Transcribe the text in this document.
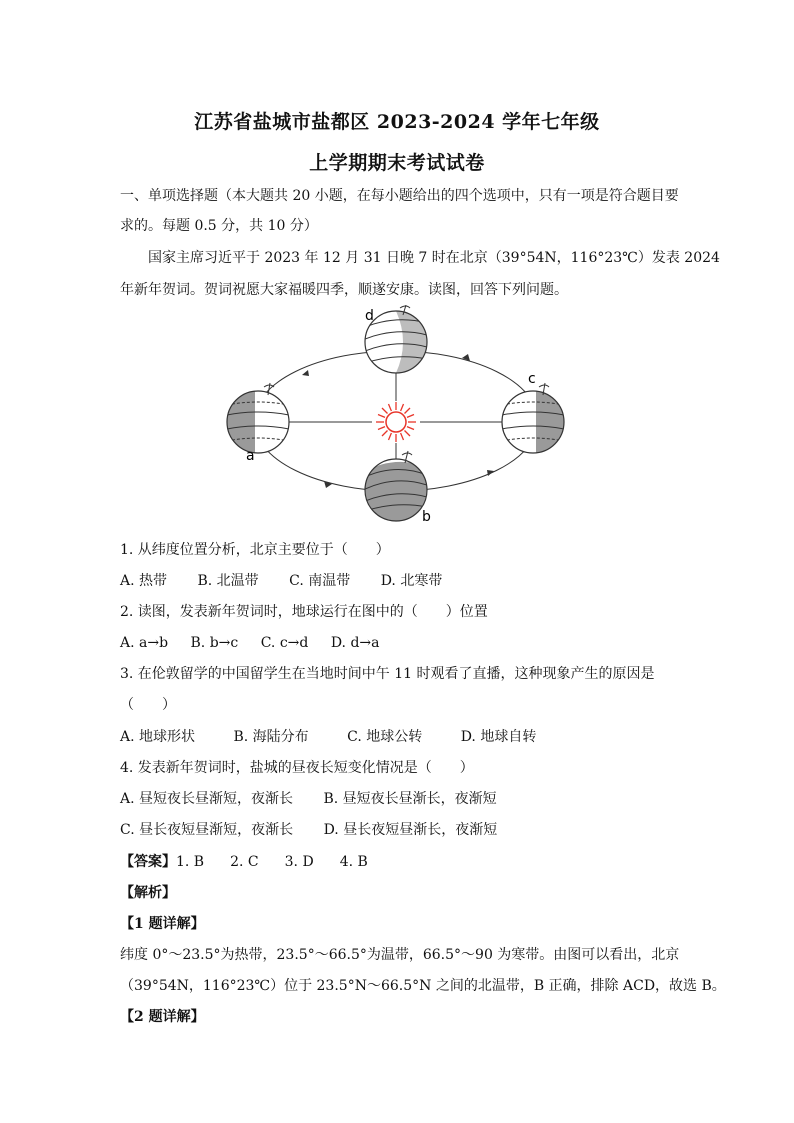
江苏省盐城市盐都区 2023-2024 学年七年级
上学期期末考试试卷
一、单项选择题（本大题共 20 小题，在每小题给出的四个选项中，只有一项是符合题目要
求的。每题 0.5 分，共 10 分）
国家主席习近平于 2023 年 12 月 31 日晚 7 时在北京（39°54N，116°23℃）发表 2024
年新年贺词。贺词祝愿大家福暖四季，顺遂安康。读图，回答下列问题。
a
b
c
d
1. 从纬度位置分析，北京主要位于（　　）
A. 热带 B. 北温带 C. 南温带 D. 北寒带
2. 读图，发表新年贺词时，地球运行在图中的（　　）位置
A. a→b B. b→c C. c→d D. d→a
3. 在伦敦留学的中国留学生在当地时间中午 11 时观看了直播，这种现象产生的原因是
（　　）
A. 地球形状	B. 海陆分布	C. 地球公转	D. 地球自转
4. 发表新年贺词时，盐城的昼夜长短变化情况是（　　）
A. 昼短夜长昼渐短，夜渐长 B. 昼短夜长昼渐长，夜渐短
C. 昼长夜短昼渐短，夜渐长 D. 昼长夜短昼渐长，夜渐短
【答案】1. B 2. C 3. D 4. B
【解析】
【1 题详解】
纬度 0°～23.5°为热带，23.5°～66.5°为温带，66.5°～90 为寒带。由图可以看出，北京
（39°54N，116°23℃）位于 23.5°N～66.5°N 之间的北温带，B 正确，排除 ACD，故选 B。
【2 题详解】
